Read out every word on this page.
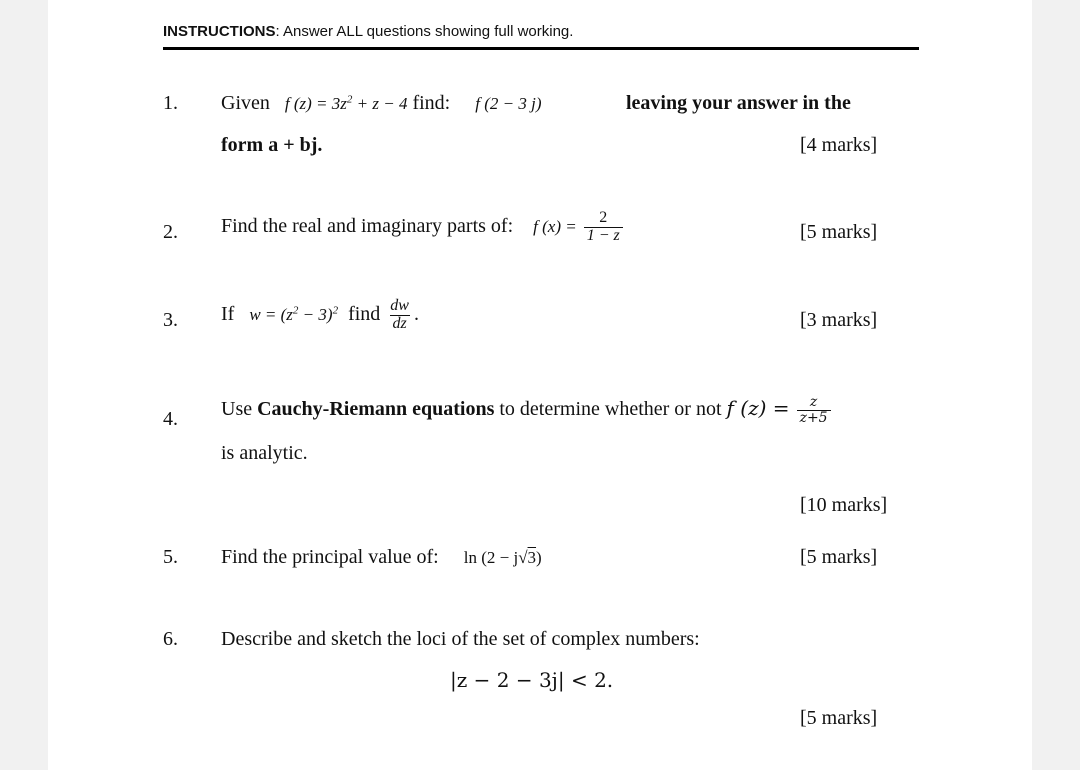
INSTRUCTIONS: Answer ALL questions showing full working.
1. Given f $(z) = 3z^2 + z - 4$ find: f (2 − 3 j)	leaving your answer in the
form a + bj.	[4 marks]
2. Find the real and imaginary parts of: f $(x) = \frac{2}{1 - z}$	[5 marks]
3. If $w = (z^2 - 3)^2$ find $\frac{dw}{dz}$ .	[3 marks]
4. Use Cauchy-Riemann equations to determine whether or not f $(z) = \frac{z}{z+5}$
is analytic.
[10 marks]
5. Find the principal value of: ln (2 − j√3)	[5 marks]
6. Describe and sketch the loci of the set of complex numbers:
|z − 2 − 3j| < 2.
[5 marks]
